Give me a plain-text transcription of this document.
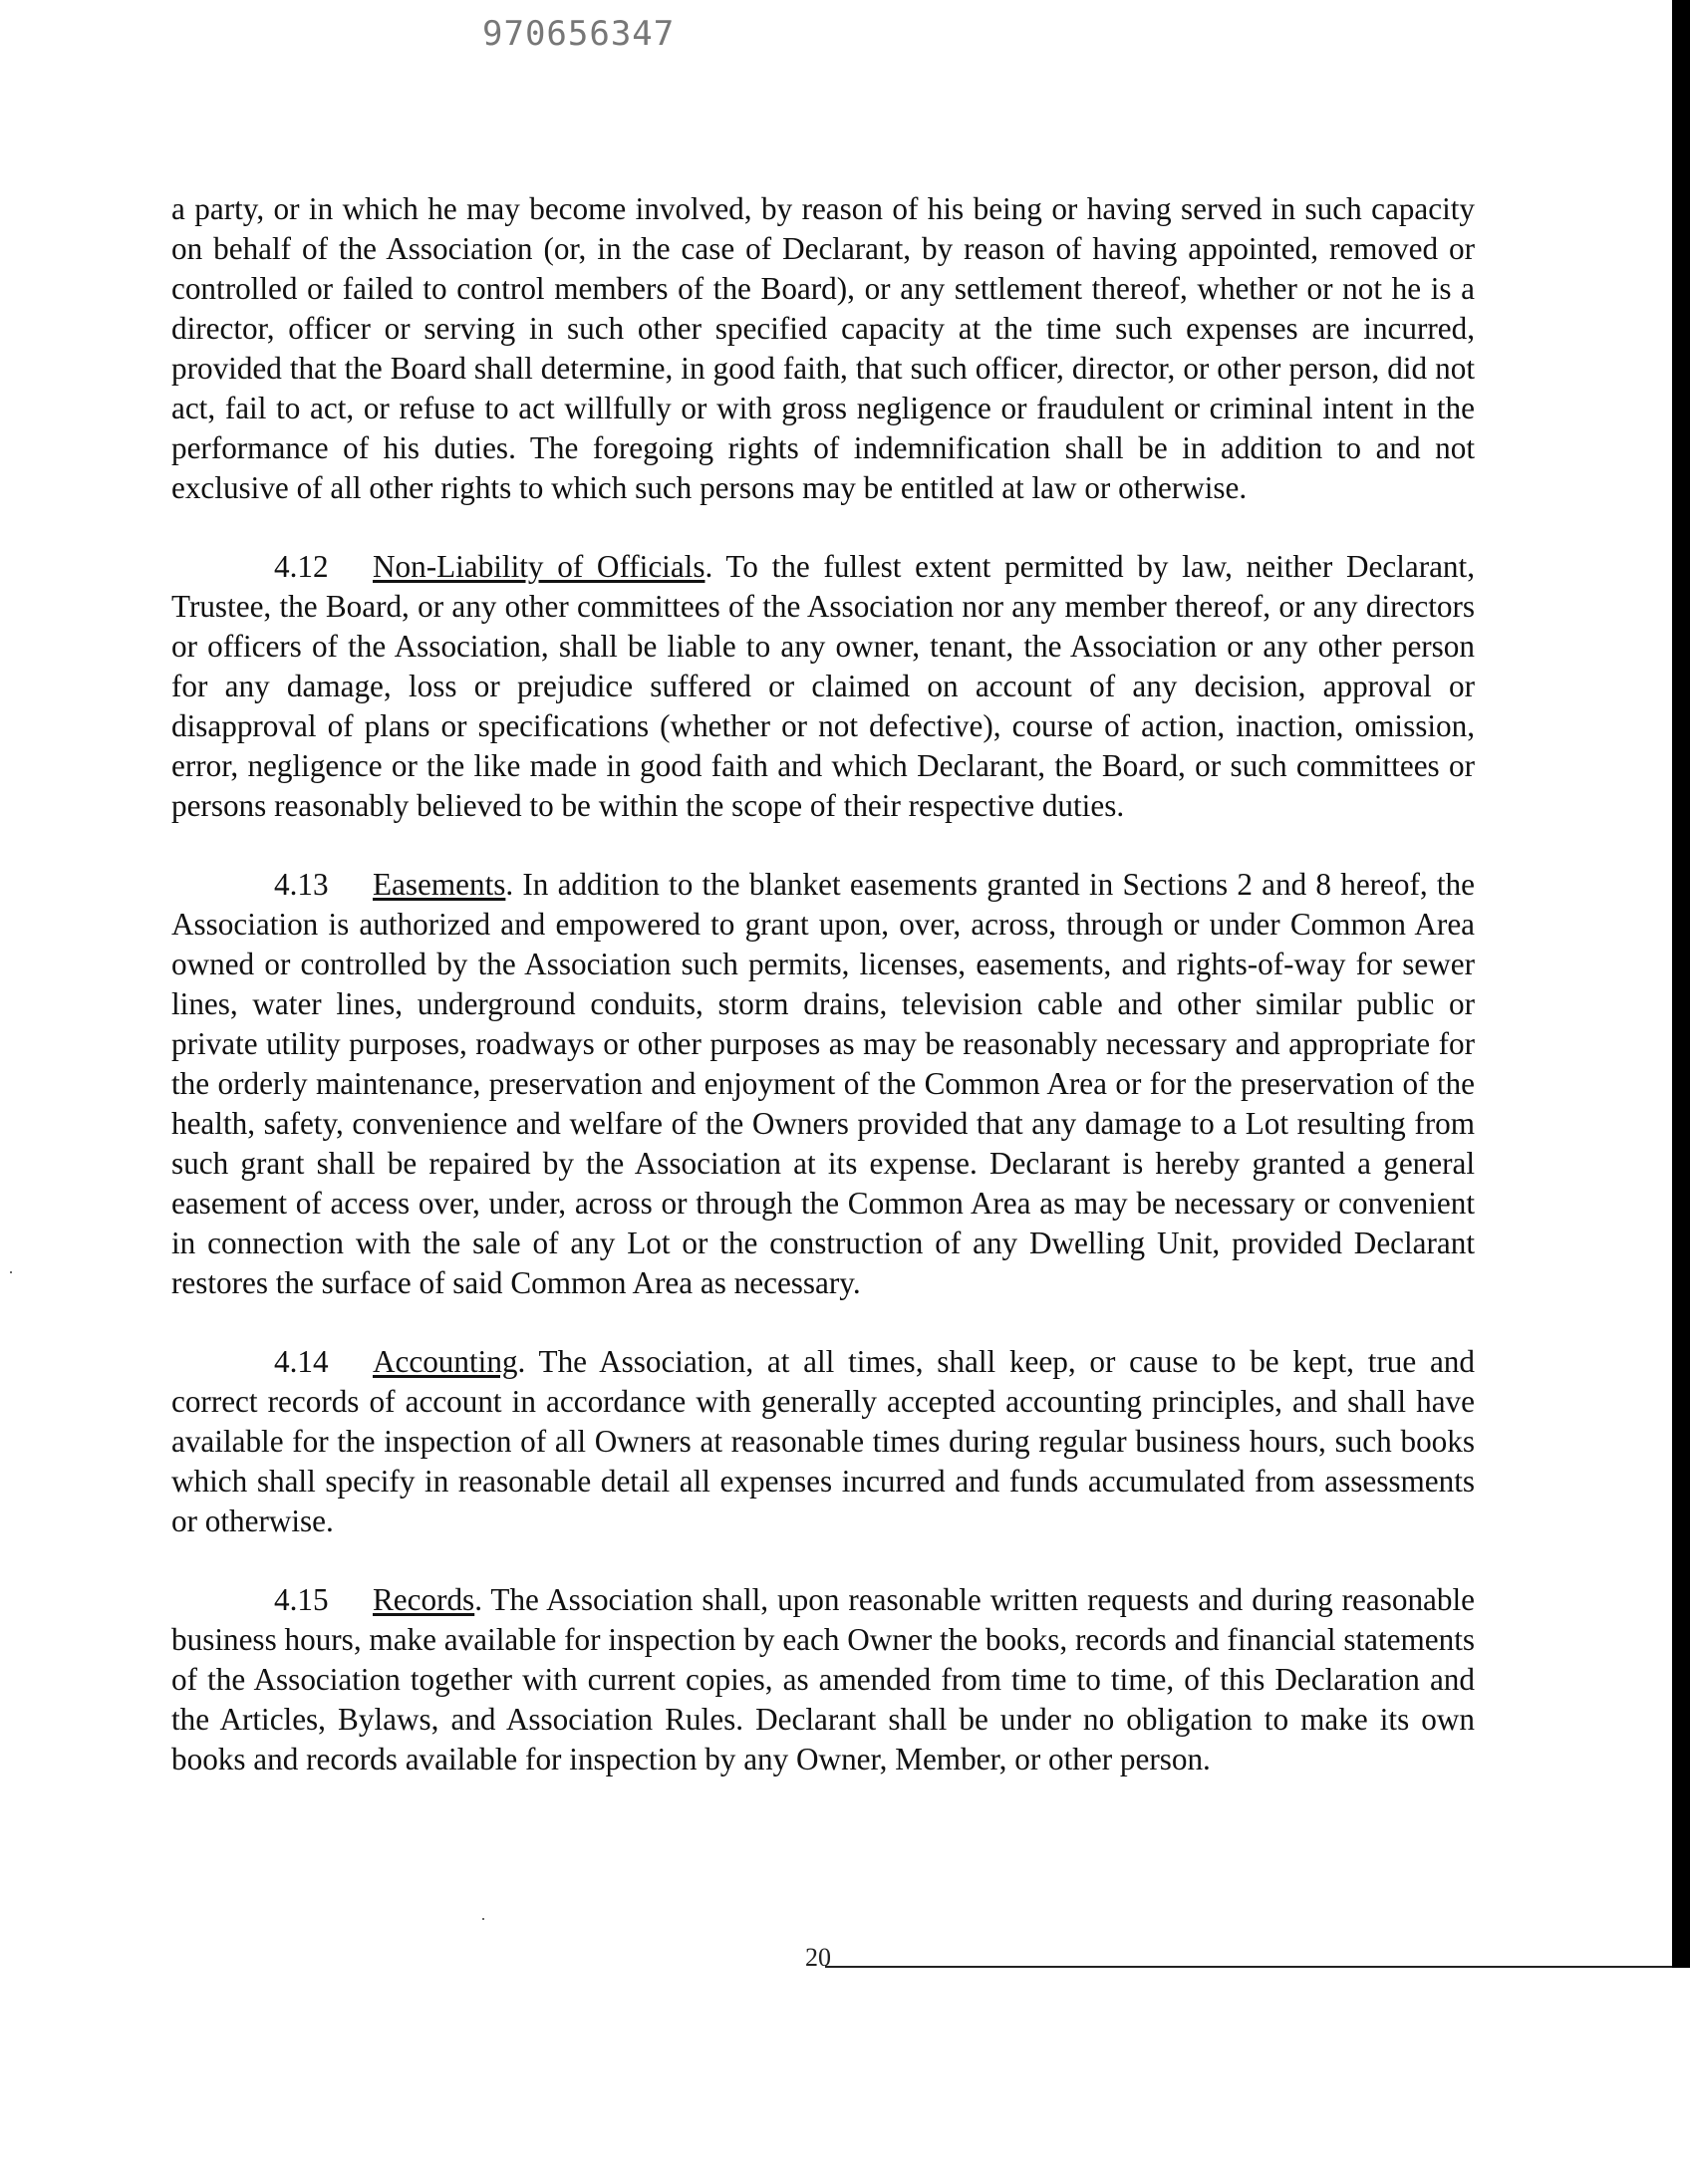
970656347

a party, or in which he may become involved, by reason of his being or having served in such capacity on behalf of the Association (or, in the case of Declarant, by reason of having appointed, removed or controlled or failed to control members of the Board), or any settlement thereof, whether or not he is a director, officer or serving in such other specified capacity at the time such expenses are incurred, provided that the Board shall determine, in good faith, that such officer, director, or other person, did not act, fail to act, or refuse to act willfully or with gross negligence or fraudulent or criminal intent in the performance of his duties. The foregoing rights of indemnification shall be in addition to and not exclusive of all other rights to which such persons may be entitled at law or otherwise.

4.12 Non-Liability of Officials. To the fullest extent permitted by law, neither Declarant, Trustee, the Board, or any other committees of the Association nor any member thereof, or any directors or officers of the Association, shall be liable to any owner, tenant, the Association or any other person for any damage, loss or prejudice suffered or claimed on account of any decision, approval or disapproval of plans or specifications (whether or not defective), course of action, inaction, omission, error, negligence or the like made in good faith and which Declarant, the Board, or such committees or persons reasonably believed to be within the scope of their respective duties.

4.13 Easements. In addition to the blanket easements granted in Sections 2 and 8 hereof, the Association is authorized and empowered to grant upon, over, across, through or under Common Area owned or controlled by the Association such permits, licenses, easements, and rights-of-way for sewer lines, water lines, underground conduits, storm drains, television cable and other similar public or private utility purposes, roadways or other purposes as may be reasonably necessary and appropriate for the orderly maintenance, preservation and enjoyment of the Common Area or for the preservation of the health, safety, convenience and welfare of the Owners provided that any damage to a Lot resulting from such grant shall be repaired by the Association at its expense. Declarant is hereby granted a general easement of access over, under, across or through the Common Area as may be necessary or convenient in connection with the sale of any Lot or the construction of any Dwelling Unit, provided Declarant restores the surface of said Common Area as necessary.

4.14 Accounting. The Association, at all times, shall keep, or cause to be kept, true and correct records of account in accordance with generally accepted accounting principles, and shall have available for the inspection of all Owners at reasonable times during regular business hours, such books which shall specify in reasonable detail all expenses incurred and funds accumulated from assessments or otherwise.

4.15 Records. The Association shall, upon reasonable written requests and during reasonable business hours, make available for inspection by each Owner the books, records and financial statements of the Association together with current copies, as amended from time to time, of this Declaration and the Articles, Bylaws, and Association Rules. Declarant shall be under no obligation to make its own books and records available for inspection by any Owner, Member, or other person.

20
